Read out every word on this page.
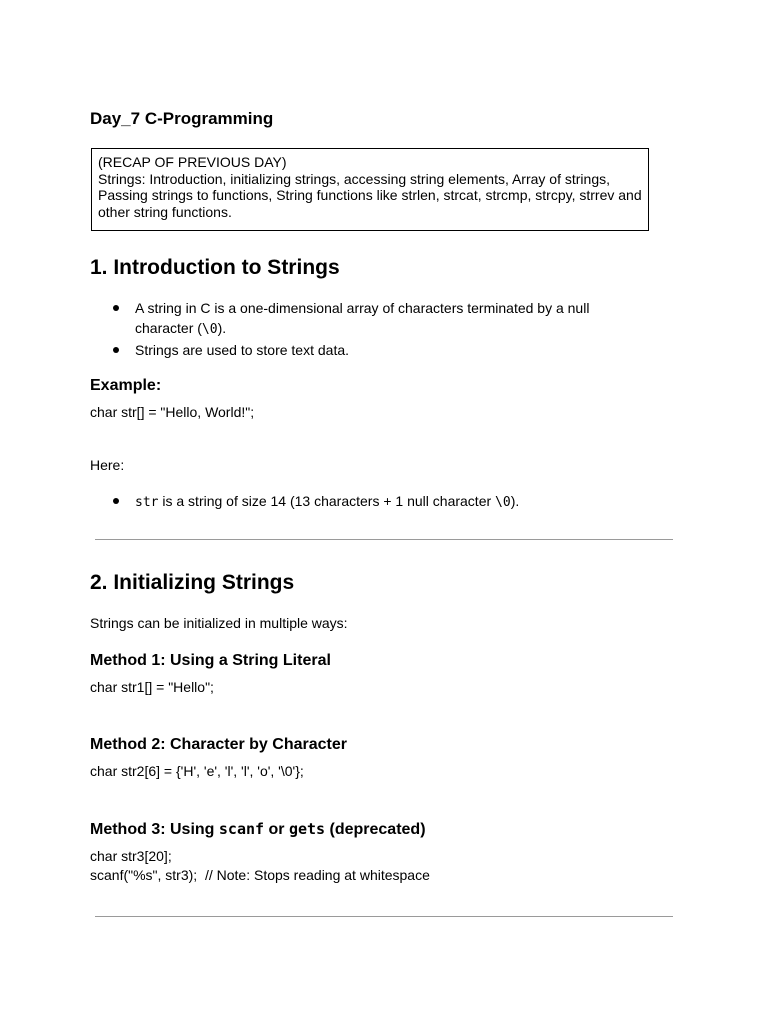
Day_7 C-Programming
(RECAP OF PREVIOUS DAY)
Strings: Introduction, initializing strings, accessing string elements, Array of strings, Passing strings to functions, String functions like strlen, strcat, strcmp, strcpy, strrev and other string functions.
1. Introduction to Strings
A string in C is a one-dimensional array of characters terminated by a null character (\0).
Strings are used to store text data.
Example:
char str[] = "Hello, World!";
Here:
str is a string of size 14 (13 characters + 1 null character \0).
2. Initializing Strings
Strings can be initialized in multiple ways:
Method 1: Using a String Literal
char str1[] = "Hello";
Method 2: Character by Character
char str2[6] = {'H', 'e', 'l', 'l', 'o', '\0'};
Method 3: Using scanf or gets (deprecated)
char str3[20];
scanf("%s", str3);  // Note: Stops reading at whitespace
